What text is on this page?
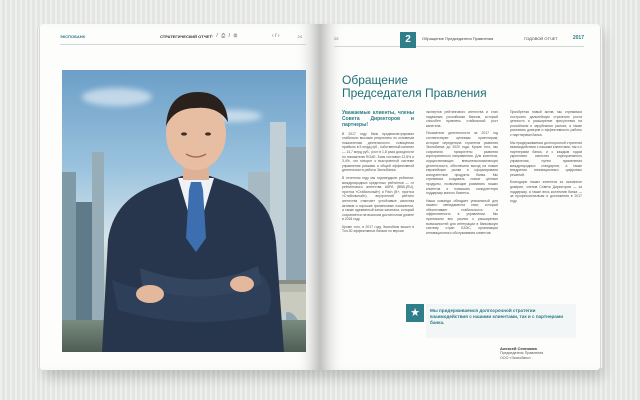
ЭКСПОБАНК	СТРАТЕГИЧЕСКИЙ ОТЧЕТ
⌂ / ⎙ / ⚙	‹ / ›	24	25	2	Обращение Председателя Правления	ГОДОВОЙ ОТЧЕТ	2017
Обращение
Председателя Правления
Уважаемые клиенты, члены Совета Директоров и партнеры!

В 2017 году банк продемонстрировал стабильно высокие результаты по основным показателям деятельности: совокупная прибыль в 5 млрд руб., собственный капитал — 14,7 млрд руб., рост в 1,8 раза доходности по показателю ROAE. Банк составил 12,8% и 3,4%, что говорит о выстроенной системе управления рисками и общей эффективной деятельности работы Экспобанка.

В отчетном году мы подтвердили рейтинги: международных кредитных рейтингов — от рейтингового агентства АКРА (BBB-(RU), прогноз «Стабильный») и Fitch (B+, прогноз «Стабильный»), внутренний рейтинг агентства отмечает устойчивые качества активов и хорошие финансовые показатели, а также адекватный запас капитала, который сохраняется на высоком достаточном уровне в 2018 году.

Кроме того, в 2017 году Экспобанк вошел в Топ-30 эффективных банков по версии

экспертов рейтингового агентства и стал надежным российским банком, который способен привлечь стабильный рост капитала.

Показатели деятельности за 2017 год соответствуют целевым ориентирам, которые определила стратегия развития Экспобанка до 2020 года. Кроме того, мы сохранили приоритеты развития корпоративного направления. Для клиентов, осуществляющих внешнеэкономическую деятельность, обеспечили выход на новые европейские рынки и сформировали конкурентные продукты банка. Мы стремимся создавать новые ценные продукты, позволяющие развивать наших клиентов и повышать конкурентную поддержку малого бизнеса.

Наша команда обладает уникальный для нашего менеджмента опыт, который обеспечивает стабильность и эффективность в управлении. Мы приложили все усилия к расширению возможностей для интеграции в банковскую систему стран ЕАЭС, организации инновационного обслуживания клиентов.

Приобретая новый актив, мы стремимся построить дальнейшую стратегию роста ценности и расширение присутствия на российском и зарубежных рынках, а также усиливать доверие и эффективность работы с партнерами банка.

Мы придерживаемся долгосрочной стратегии взаимодействия с нашими клиентами, так и с партнерами банка, и с каждым годом укрепляем качество корпоративного управления, путем применения международных стандартов, а также внедрения инновационных цифровых решений.

Благодарю наших клиентов за оказанное доверие, членов Совета Директоров — за поддержку, а также весь коллектив банка — за профессионализм и достижения в 2017 году.

★	Мы придерживаемся долгосрочной стратегии взаимодействия с нашими клиентами, так и с партнерами банка.
Алексей Сенников
Председатель Правления
ООО «Экспобанк»
